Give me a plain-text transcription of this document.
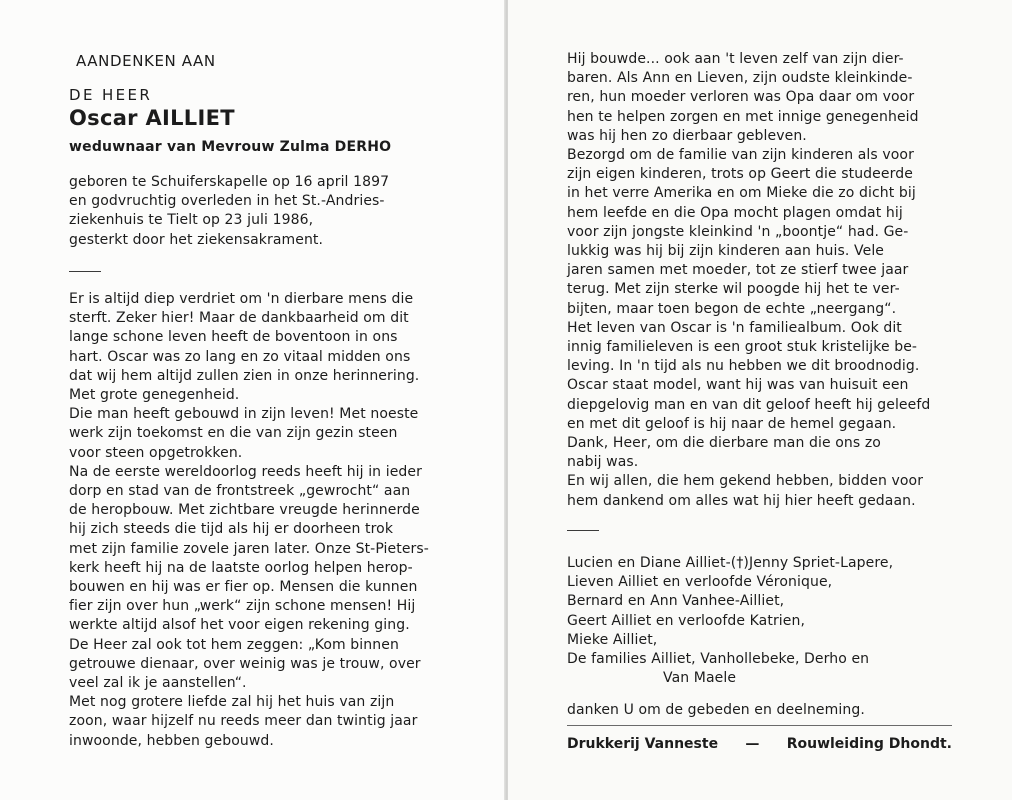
AANDENKEN AAN
DE HEER
Oscar AILLIET
weduwnaar van Mevrouw Zulma DERHO

geboren te Schuiferskapelle op 16 april 1897

en godvruchtig overleden in het St.-Andries-

ziekenhuis te Tielt op 23 juli 1986,

gesterkt door het ziekensakrament.

Er is altijd diep verdriet om 'n dierbare mens die

sterft. Zeker hier! Maar de dankbaarheid om dit

lange schone leven heeft de boventoon in ons

hart. Oscar was zo lang en zo vitaal midden ons

dat wij hem altijd zullen zien in onze herinnering.

Met grote genegenheid.

Die man heeft gebouwd in zijn leven! Met noeste

werk zijn toekomst en die van zijn gezin steen

voor steen opgetrokken.

Na de eerste wereldoorlog reeds heeft hij in ieder

dorp en stad van de frontstreek „gewrocht“ aan

de heropbouw. Met zichtbare vreugde herinnerde

hij zich steeds die tijd als hij er doorheen trok

met zijn familie zovele jaren later. Onze St-Pieters-

kerk heeft hij na de laatste oorlog helpen herop-

bouwen en hij was er fier op. Mensen die kunnen

fier zijn over hun „werk“ zijn schone mensen! Hij

werkte altijd alsof het voor eigen rekening ging.

De Heer zal ook tot hem zeggen: „Kom binnen

getrouwe dienaar, over weinig was je trouw, over

veel zal ik je aanstellen“.

Met nog grotere liefde zal hij het huis van zijn

zoon, waar hijzelf nu reeds meer dan twintig jaar

inwoonde, hebben gebouwd.

Hij bouwde... ook aan 't leven zelf van zijn dier-

baren. Als Ann en Lieven, zijn oudste kleinkinde-

ren, hun moeder verloren was Opa daar om voor

hen te helpen zorgen en met innige genegenheid

was hij hen zo dierbaar gebleven.

Bezorgd om de familie van zijn kinderen als voor

zijn eigen kinderen, trots op Geert die studeerde

in het verre Amerika en om Mieke die zo dicht bij

hem leefde en die Opa mocht plagen omdat hij

voor zijn jongste kleinkind 'n „boontje“ had. Ge-

lukkig was hij bij zijn kinderen aan huis. Vele

jaren samen met moeder, tot ze stierf twee jaar

terug. Met zijn sterke wil poogde hij het te ver-

bijten, maar toen begon de echte „neergang“.

Het leven van Oscar is 'n familiealbum. Ook dit

innig familieleven is een groot stuk kristelijke be-

leving. In 'n tijd als nu hebben we dit broodnodig.

Oscar staat model, want hij was van huisuit een

diepgelovig man en van dit geloof heeft hij geleefd

en met dit geloof is hij naar de hemel gegaan.

Dank, Heer, om die dierbare man die ons zo

nabij was.

En wij allen, die hem gekend hebben, bidden voor

hem dankend om alles wat hij hier heeft gedaan.

Lucien en Diane Ailliet-(†)Jenny Spriet-Lapere,

Lieven Ailliet en verloofde Véronique,

Bernard en Ann Vanhee-Ailliet,

Geert Ailliet en verloofde Katrien,

Mieke Ailliet,

De families Ailliet, Vanhollebeke, Derho en

Van Maele

danken U om de gebeden en deelneming.
Drukkerij Vanneste	—	Rouwleiding Dhondt.
